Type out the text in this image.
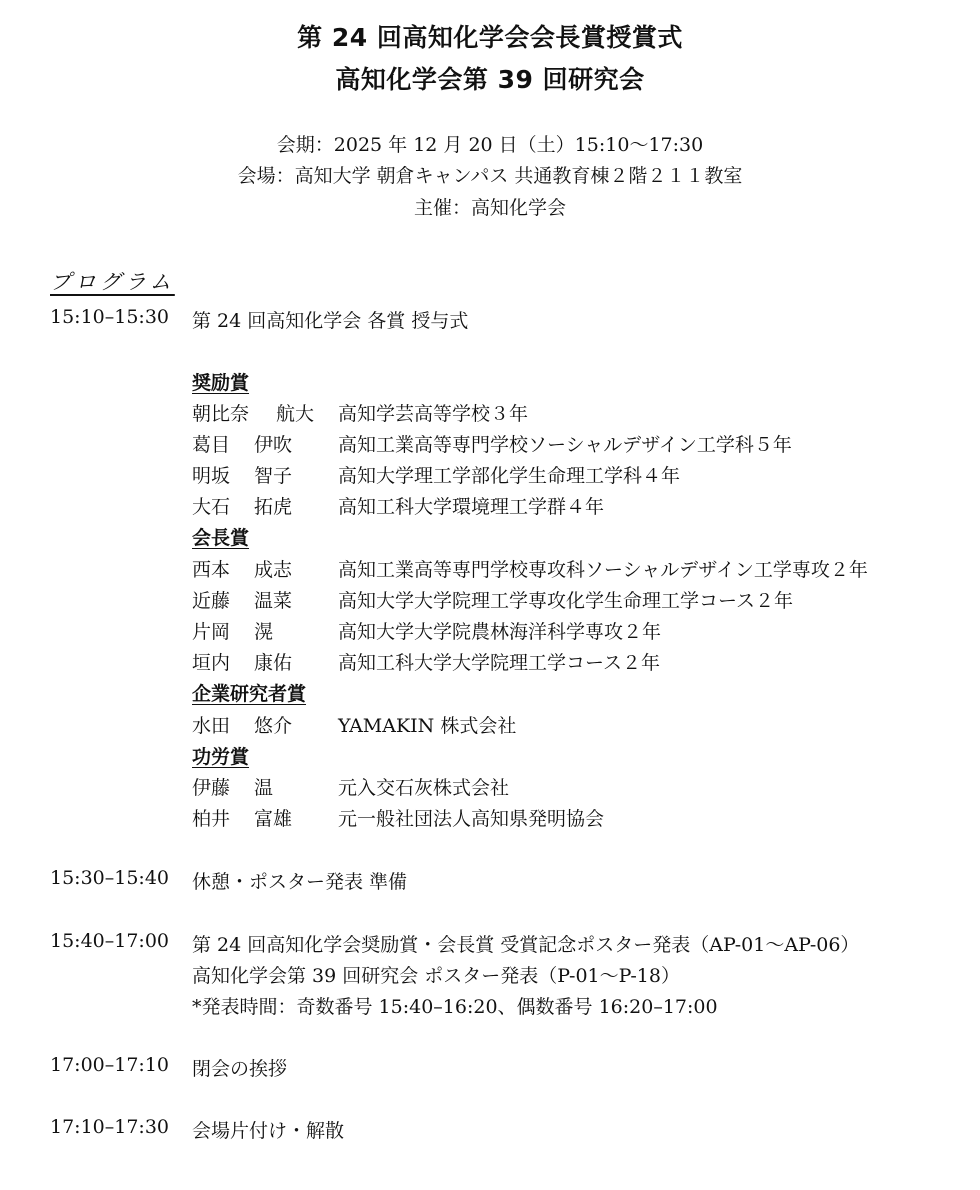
第 24 回高知化学会会長賞授賞式
高知化学会第 39 回研究会
会期：2025 年 12 月 20 日（土）15:10〜17:30
会場：高知大学 朝倉キャンパス 共通教育棟２階２１１教室
主催：高知化学会
プログラム
15:10–15:30 第 24 回高知化学会 各賞 授与式
奨励賞
朝比奈 航大 高知学芸高等学校３年
葛目 伊吹 高知工業高等専門学校ソーシャルデザイン工学科５年
明坂 智子 高知大学理工学部化学生命理工学科４年
大石 拓虎 高知工科大学環境理工学群４年
会長賞
西本 成志 高知工業高等専門学校専攻科ソーシャルデザイン工学専攻２年
近藤 温菜 高知大学大学院理工学専攻化学生命理工学コース２年
片岡 滉	高知大学大学院農林海洋科学専攻２年
垣内 康佑 高知工科大学大学院理工学コース２年
企業研究者賞
水田 悠介 YAMAKIN 株式会社
功労賞
伊藤 温	元入交石灰株式会社
柏井 富雄 元一般社団法人高知県発明協会
15:30–15:40 休憩・ポスター発表 準備
15:40–17:00 第 24 回高知化学会奨励賞・会長賞 受賞記念ポスター発表（AP-01〜AP-06）
高知化学会第 39 回研究会 ポスター発表（P-01〜P-18）
*発表時間：奇数番号 15:40–16:20、偶数番号 16:20–17:00
17:00–17:10 閉会の挨拶
17:10–17:30 会場片付け・解散
